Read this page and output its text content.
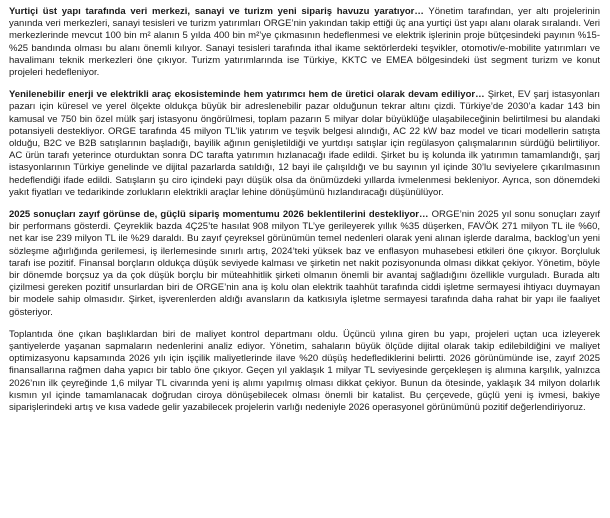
Yurtiçi üst yapı tarafında veri merkezi, sanayi ve turizm yeni sipariş havuzu yaratıyor… Yönetim tarafından, yer altı projelerinin yanında veri merkezleri, sanayi tesisleri ve turizm yatırımları ORGE’nin yakından takip ettiği üç ana yurtiçi üst yapı alanı olarak sıralandı. Veri merkezlerinde mevcut 100 bin m² alanın 5 yılda 400 bin m²’ye çıkmasının hedeflenmesi ve elektrik işlerinin proje bütçesindeki payının %15-%25 bandında olması bu alanı önemli kılıyor. Sanayi tesisleri tarafında ithal ikame sektörlerdeki teşvikler, otomotiv/e-mobilite yatırımları ve havalimanı teknik merkezleri öne çıkıyor. Turizm yatırımlarında ise Türkiye, KKTC ve EMEA bölgesindeki üst segment turizm ve konut projeleri hedefleniyor.

Yenilenebilir enerji ve elektrikli araç ekosisteminde hem yatırımcı hem de üretici olarak devam ediliyor… Şirket, EV şarj istasyonları pazarı için küresel ve yerel ölçekte oldukça büyük bir adreslenebilir pazar olduğunun tekrar altını çizdi. Türkiye’de 2030’a kadar 143 bin kamusal ve 750 bin özel mülk şarj istasyonu öngörülmesi, toplam pazarın 5 milyar dolar büyüklüğe ulaşabileceğinin belirtilmesi bu alandaki potansiyeli destekliyor. ORGE tarafında 45 milyon TL’lik yatırım ve teşvik belgesi alındığı, AC 22 kW baz model ve ticari modellerin satışta olduğu, B2C ve B2B satışlarının başladığı, bayilik ağının genişletildiği ve yurtdışı satışlar için regülasyon çalışmalarının sürdüğü belirtiliyor. AC ürün tarafı yeterince oturduktan sonra DC tarafta yatırımın hızlanacağı ifade edildi. Şirket bu iş kolunda ilk yatırımın tamamlandığı, şarj istasyonlarının Türkiye genelinde ve dijital pazarlarda satıldığı, 12 bayi ile çalışıldığı ve bu sayının yıl içinde 30’lu seviyelere çıkarılmasının hedeflendiği ifade edildi. Satışların şu ciro içindeki payı düşük olsa da önümüzdeki yıllarda ivmelenmesi bekleniyor. Ayrıca, son dönemdeki yakıt fiyatları ve tedarikinde zorlukların elektrikli araçlar lehine dönüşümünü hızlandıracağı düşünülüyor.

2025 sonuçları zayıf görünse de, güçlü sipariş momentumu 2026 beklentilerini destekliyor… ORGE’nin 2025 yıl sonu sonuçları zayıf bir performans gösterdi. Çeyreklik bazda 4Ç25’te hasılat 908 milyon TL’ye gerileyerek yıllık %35 düşerken, FAVÖK 271 milyon TL ile %60, net kar ise 239 milyon TL ile %29 daraldı. Bu zayıf çeyreksel görünümün temel nedenleri olarak yeni alınan işlerde daralma, backlog’un yeni sözleşme ağırlığında gerilemesi, iş ilerlemesinde sınırlı artış, 2024’teki yüksek baz ve enflasyon muhasebesi etkileri öne çıkıyor. Borçluluk tarafı ise pozitif. Finansal borçların oldukça düşük seviyede kalması ve şirketin net nakit pozisyonunda olması dikkat çekiyor. Yönetim, böyle bir dönemde borçsuz ya da çok düşük borçlu bir müteahhitlik şirketi olmanın önemli bir avantaj sağladığını özellikle vurguladı. Burada altı çizilmesi gereken pozitif unsurlardan biri de ORGE’nin ana iş kolu olan elektrik taahhüt tarafında ciddi işletme sermayesi ihtiyacı duymayan bir modele sahip olmasıdır. Şirket, işverenlerden aldığı avansların da katkısıyla işletme sermayesi tarafında daha rahat bir yapı ile faaliyet gösteriyor.

Toplantıda öne çıkan başlıklardan biri de maliyet kontrol departmanı oldu. Üçüncü yılına giren bu yapı, projeleri uçtan uca izleyerek şantiyelerde yaşanan sapmaların nedenlerini analiz ediyor. Yönetim, sahaların büyük ölçüde dijital olarak takip edilebildiğini ve maliyet optimizasyonu kapsamında 2026 yılı için işçilik maliyetlerinde ilave %20 düşüş hedeflediklerini belirtti. 2026 görünümünde ise, zayıf 2025 finansallarına rağmen daha yapıcı bir tablo öne çıkıyor. Geçen yıl yaklaşık 1 milyar TL seviyesinde gerçekleşen iş alımına karşılık, yalnızca 2026’nın ilk çeyreğinde 1,6 milyar TL civarında yeni iş alımı yapılmış olması dikkat çekiyor. Bunun da ötesinde, yaklaşık 34 milyon dolarlık kısmın yıl içinde tamamlanacak doğrudan ciroya dönüşebilecek olması önemli bir katalist. Bu çerçevede, güçlü yeni iş ivmesi, bakiye siparişlerindeki artış ve kısa vadede gelir yazabilecek projelerin varlığı nedeniyle 2026 operasyonel görünümünü pozitif değerlendiriyoruz.
